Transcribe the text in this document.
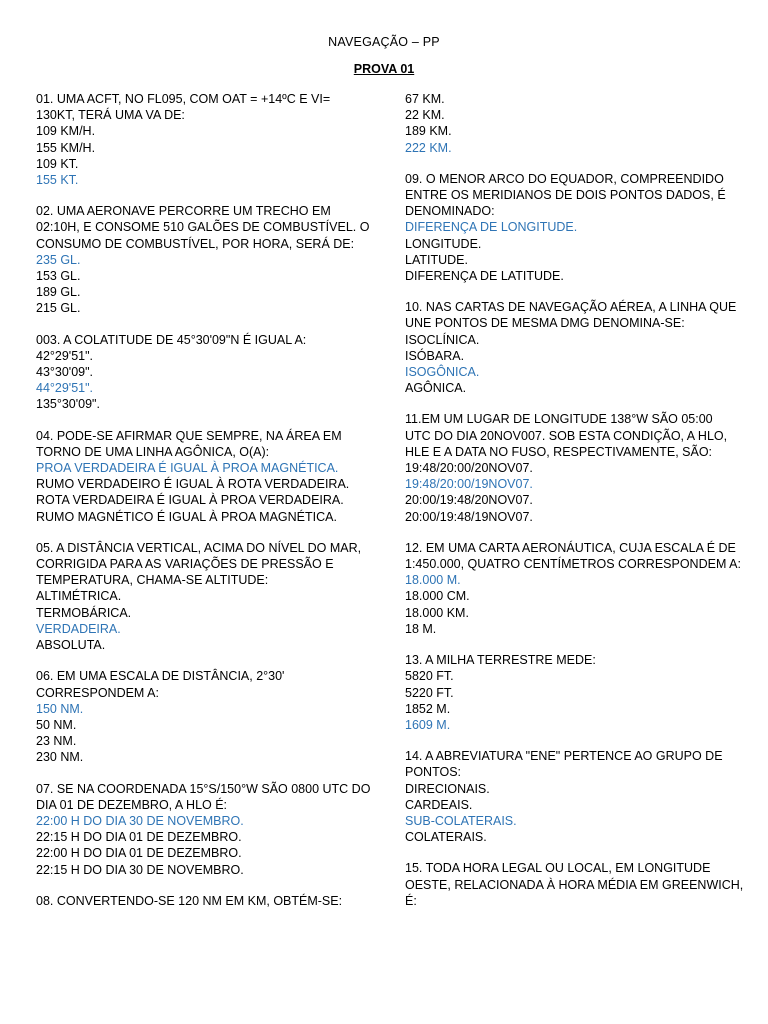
NAVEGAÇÃO – PP
PROVA 01
01. UMA ACFT, NO FL095, COM OAT = +14ºC E VI=
130KT, TERÁ UMA VA DE:
109 KM/H.
155 KM/H.
109 KT.
155 KT.
02. UMA AERONAVE PERCORRE UM TRECHO EM
02:10H, E CONSOME 510 GALÕES DE COMBUSTÍVEL. O
CONSUMO DE COMBUSTÍVEL, POR HORA, SERÁ DE:
235 GL.
153 GL.
189 GL.
215 GL.
003. A COLATITUDE DE 45°30'09"N É IGUAL A:
42°29'51".
43°30'09".
44°29'51".
135°30'09".
04. PODE-SE AFIRMAR QUE SEMPRE, NA ÁREA EM
TORNO DE UMA LINHA AGÔNICA, O(A):
PROA VERDADEIRA É IGUAL À PROA MAGNÉTICA.
RUMO VERDADEIRO É IGUAL À ROTA VERDADEIRA.
ROTA VERDADEIRA É IGUAL À PROA VERDADEIRA.
RUMO MAGNÉTICO É IGUAL À PROA MAGNÉTICA.
05. A DISTÂNCIA VERTICAL, ACIMA DO NÍVEL DO MAR,
CORRIGIDA PARA AS VARIAÇÕES DE PRESSÃO E
TEMPERATURA, CHAMA-SE ALTITUDE:
ALTIMÉTRICA.
TERMOBÁRICA.
VERDADEIRA.
ABSOLUTA.
06. EM UMA ESCALA DE DISTÂNCIA, 2°30'
CORRESPONDEM A:
150 NM.
50 NM.
23 NM.
230 NM.
07. SE NA COORDENADA 15°S/150°W SÃO 0800 UTC DO
DIA 01 DE DEZEMBRO, A HLO É:
22:00 H DO DIA 30 DE NOVEMBRO.
22:15 H DO DIA 01 DE DEZEMBRO.
22:00 H DO DIA 01 DE DEZEMBRO.
22:15 H DO DIA 30 DE NOVEMBRO.
08. CONVERTENDO-SE 120 NM EM KM, OBTÉM-SE:
67 KM.
22 KM.
189 KM.
222 KM.
09. O MENOR ARCO DO EQUADOR, COMPREENDIDO
ENTRE OS MERIDIANOS DE DOIS PONTOS DADOS, É
DENOMINADO:
DIFERENÇA DE LONGITUDE.
LONGITUDE.
LATITUDE.
DIFERENÇA DE LATITUDE.
10. NAS CARTAS DE NAVEGAÇÃO AÉREA, A LINHA QUE
UNE PONTOS DE MESMA DMG DENOMINA-SE:
ISOCLÍNICA.
ISÓBARA.
ISOGÔNICA.
AGÔNICA.
11.EM UM LUGAR DE LONGITUDE 138°W SÃO 05:00
UTC DO DIA 20NOV007. SOB ESTA CONDIÇÃO, A HLO,
HLE E A DATA NO FUSO, RESPECTIVAMENTE, SÃO:
19:48/20:00/20NOV07.
19:48/20:00/19NOV07.
20:00/19:48/20NOV07.
20:00/19:48/19NOV07.
12. EM UMA CARTA AERONÁUTICA, CUJA ESCALA É DE
1:450.000, QUATRO CENTÍMETROS CORRESPONDEM A:
18.000 M.
18.000 CM.
18.000 KM.
18 M.
13. A MILHA TERRESTRE MEDE:
5820 FT.
5220 FT.
1852 M.
1609 M.
14. A ABREVIATURA "ENE" PERTENCE AO GRUPO DE
PONTOS:
DIRECIONAIS.
CARDEAIS.
SUB-COLATERAIS.
COLATERAIS.
15. TODA HORA LEGAL OU LOCAL, EM LONGITUDE
OESTE, RELACIONADA À HORA MÉDIA EM GREENWICH,
É:
